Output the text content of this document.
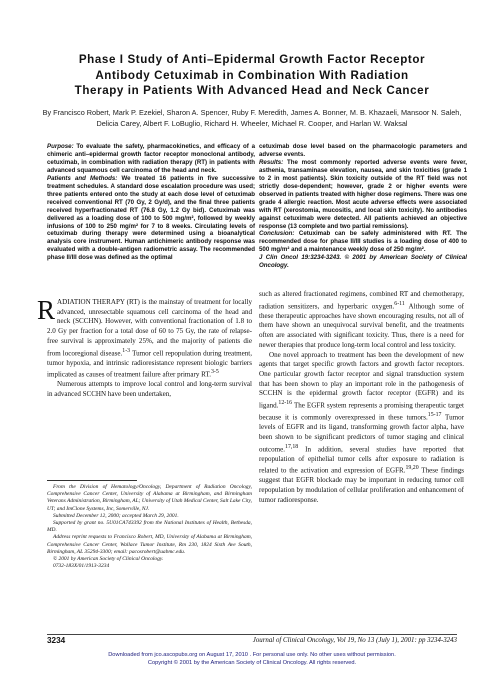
Phase I Study of Anti–Epidermal Growth Factor Receptor
Antibody Cetuximab in Combination With Radiation
Therapy in Patients With Advanced Head and Neck Cancer
By Francisco Robert, Mark P. Ezekiel, Sharon A. Spencer, Ruby F. Meredith, James A. Bonner, M. B. Khazaeli, Mansoor N. Saleh, Delicia Carey, Albert F. LoBuglio, Richard H. Wheeler, Michael R. Cooper, and Harlan W. Waksal

Purpose: To evaluate the safety, pharmacokinetics, and efficacy of a chimeric anti–epidermal growth factor receptor monoclonal antibody, cetuximab, in combination with radiation therapy (RT) in patients with advanced squamous cell carcinoma of the head and neck.

Patients and Methods: We treated 16 patients in five successive treatment schedules. A standard dose escalation procedure was used; three patients entered onto the study at each dose level of cetuximab received conventional RT (70 Gy, 2 Gy/d), and the final three patients received hyperfractionated RT (76.8 Gy, 1.2 Gy bid). Cetuximab was delivered as a loading dose of 100 to 500 mg/m², followed by weekly infusions of 100 to 250 mg/m² for 7 to 8 weeks. Circulating levels of cetuximab during therapy were determined using a bioanalytical analysis core instrument. Human antichimeric antibody response was evaluated with a double-antigen radiometric assay. The recommended phase II/III dose was defined as the optimal

cetuximab dose level based on the pharmacologic parameters and adverse events.

Results: The most commonly reported adverse events were fever, asthenia, transaminase elevation, nausea, and skin toxicities (grade 1 to 2 in most patients). Skin toxicity outside of the RT field was not strictly dose-dependent; however, grade 2 or higher events were observed in patients treated with higher dose regimens. There was one grade 4 allergic reaction. Most acute adverse effects were associated with RT (xerostomia, mucositis, and local skin toxicity). No antibodies against cetuximab were detected. All patients achieved an objective response (13 complete and two partial remissions).

Conclusion: Cetuximab can be safely administered with RT. The recommended dose for phase II/III studies is a loading dose of 400 to 500 mg/m² and a maintenance weekly dose of 250 mg/m².

J Clin Oncol 19:3234-3243. © 2001 by American Society of Clinical Oncology.

RADIATION THERAPY (RT) is the mainstay of treatment for locally advanced, unresectable squamous cell carcinoma of the head and neck (SCCHN). However, with conventional fractionation of 1.8 to 2.0 Gy per fraction for a total dose of 60 to 75 Gy, the rate of relapse-free survival is approximately 25%, and the majority of patients die from locoregional disease.$^{1-3}$ Tumor cell repopulation during treatment, tumor hypoxia, and intrinsic radioresistance represent biologic barriers implicated as causes of treatment failure after primary RT.$^{3-5}$

Numerous attempts to improve local control and long-term survival in advanced SCCHN have been undertaken,

such as altered fractionated regimens, combined RT and chemotherapy, radiation sensitizers, and hyperbaric oxygen.$^{6-11}$ Although some of these therapeutic approaches have shown encouraging results, not all of them have shown an unequivocal survival benefit, and the treatments often are associated with significant toxicity. Thus, there is a need for newer therapies that produce long-term local control and less toxicity.

One novel approach to treatment has been the development of new agents that target specific growth factors and growth factor receptors. One particular growth factor receptor and signal transduction system that has been shown to play an important role in the pathogenesis of SCCHN is the epidermal growth factor receptor (EGFR) and its ligand.$^{12-16}$ The EGFR system represents a promising therapeutic target because it is commonly overexpressed in these tumors.$^{15-17}$ Tumor levels of EGFR and its ligand, transforming growth factor alpha, have been shown to be significant predictors of tumor staging and clinical outcome.$^{17,18}$ In addition, several studies have reported that repopulation of epithelial tumor cells after exposure to radiation is related to the activation and expression of EGFR.$^{19,20}$ These findings suggest that EGFR blockade may be important in reducing tumor cell repopulation by modulation of cellular proliferation and enhancement of tumor radioresponse.

From the Division of Hematology/Oncology, Department of Radiation Oncology, Comprehensive Cancer Center, University of Alabama at Birmingham, and Birmingham Veterans Administration, Birmingham, AL; University of Utah Medical Center, Salt Lake City, UT; and ImClone Systems, Inc, Somerville, NJ.

Submitted December 12, 2000; accepted March 29, 2001.

Supported by grant no. 5U01CA743392 from the National Institutes of Health, Bethesda, MD.

Address reprint requests to Francisco Robert, MD, University of Alabama at Birmingham, Comprehensive Cancer Center, Wallace Tumor Institute, Rm 230, 1824 Sixth Ave South, Birmingham, AL 35294-3300; email: pacosrobert@uabmc.edu.

© 2001 by American Society of Clinical Oncology.

0732-183X/01/1913-3234

3234	Journal of Clinical Oncology, Vol 19, No 13 (July 1), 2001: pp 3234-3243
Downloaded from jco.ascopubs.org on August 17, 2010 . For personal use only. No other uses without permission.
Copyright © 2001 by the American Society of Clinical Oncology. All rights reserved.
